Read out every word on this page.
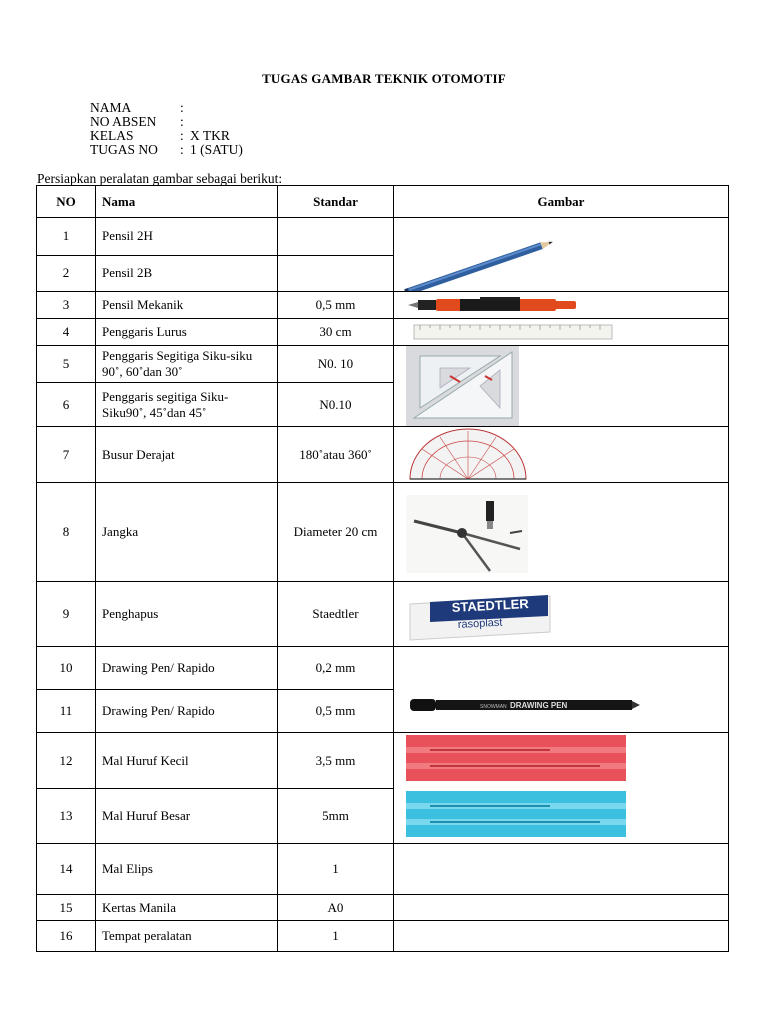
TUGAS GAMBAR TEKNIK OTOMOTIF
NAMA	:
NO ABSEN	:
KELAS	: X TKR
TUGAS NO	: 1 (SATU)
Persiapkan peralatan gambar sebagai berikut:
NO	Nama	Standar	Gambar
1	Pensil 2H		

2	Pensil 2B		
3	Pensil Mekanik	0,5 mm	

4	Penggaris Lurus	30 cm	

5	Penggaris Segitiga Siku-siku 90˚, 60˚dan 30˚	N0. 10	

6	Penggaris segitiga Siku-Siku90˚, 45˚dan 45˚	N0.10	
7	Busur Derajat	180˚atau 360˚	

8	Jangka	Diameter 20 cm	

9	Penghapus	Staedtler	STAEDTLER
rasoplast

10	Drawing Pen/ Rapido	0,2 mm	DRAWING PEN
SNOWMAN

11	Drawing Pen/ Rapido	0,5 mm	
12	Mal Huruf Kecil	3,5 mm	

13	Mal Huruf Besar	5mm	
14	Mal Elips	1	
15	Kertas Manila	A0	
16	Tempat peralatan	1	
